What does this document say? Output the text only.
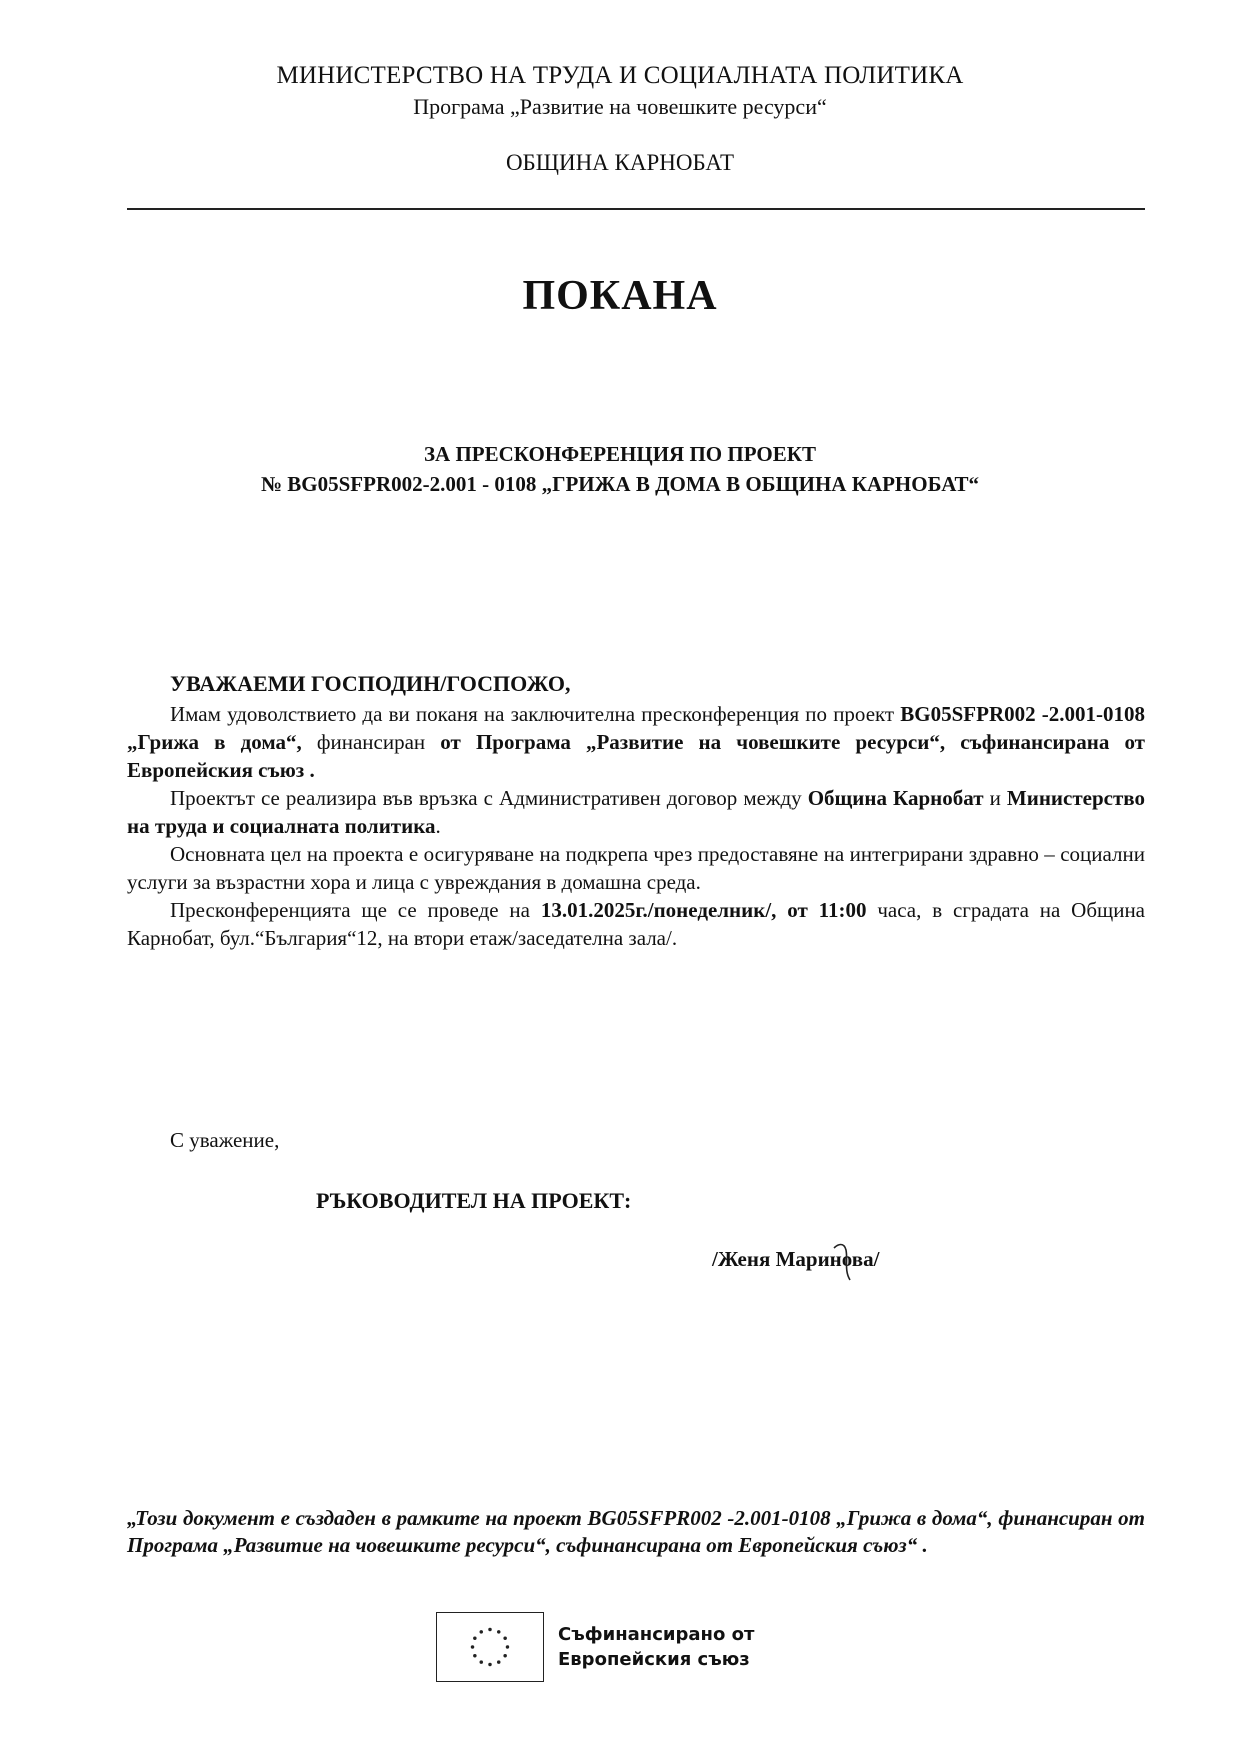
МИНИСТЕРСТВО НА ТРУДА И СОЦИАЛНАТА ПОЛИТИКА
Програма „Развитие на човешките ресурси“
ОБЩИНА КАРНОБАТ
ПОКАНА
ЗА ПРЕСКОНФЕРЕНЦИЯ ПО ПРОЕКТ
№ BG05SFPR002-2.001 - 0108 „ГРИЖА В ДОМА В ОБЩИНА КАРНОБАТ“
УВАЖАЕМИ ГОСПОДИН/ГОСПОЖО,

Имам удоволствието да ви поканя на заключителна пресконференция по проект BG05SFPR002 -2.001-0108 „Грижа в дома“, финансиран от Програма „Развитие на човешките ресурси“, съфинансирана от Европейския съюз .

Проектът се реализира във връзка с Административен договор между Община Карнобат и Министерство на труда и социалната политика.

Основната цел на проекта е осигуряване на подкрепа чрез предоставяне на интегрирани здравно – социални услуги за възрастни хора и лица с увреждания в домашна среда.

Пресконференцията ще се проведе на 13.01.2025г./понеделник/, от 11:00 часа, в сградата на Община Карнобат, бул.“България“12, на втори етаж/заседателна зала/.

С уважение,
РЪКОВОДИТЕЛ НА ПРОЕКТ:
/Женя Маринова/
„Този документ е създаден в рамките на проект BG05SFPR002 -2.001-0108 „Грижа в дома“, финансиран от Програма „Развитие на човешките ресурси“, съфинансирана от Европейския съюз“ .
Съфинансирано от
Европейския съюз
